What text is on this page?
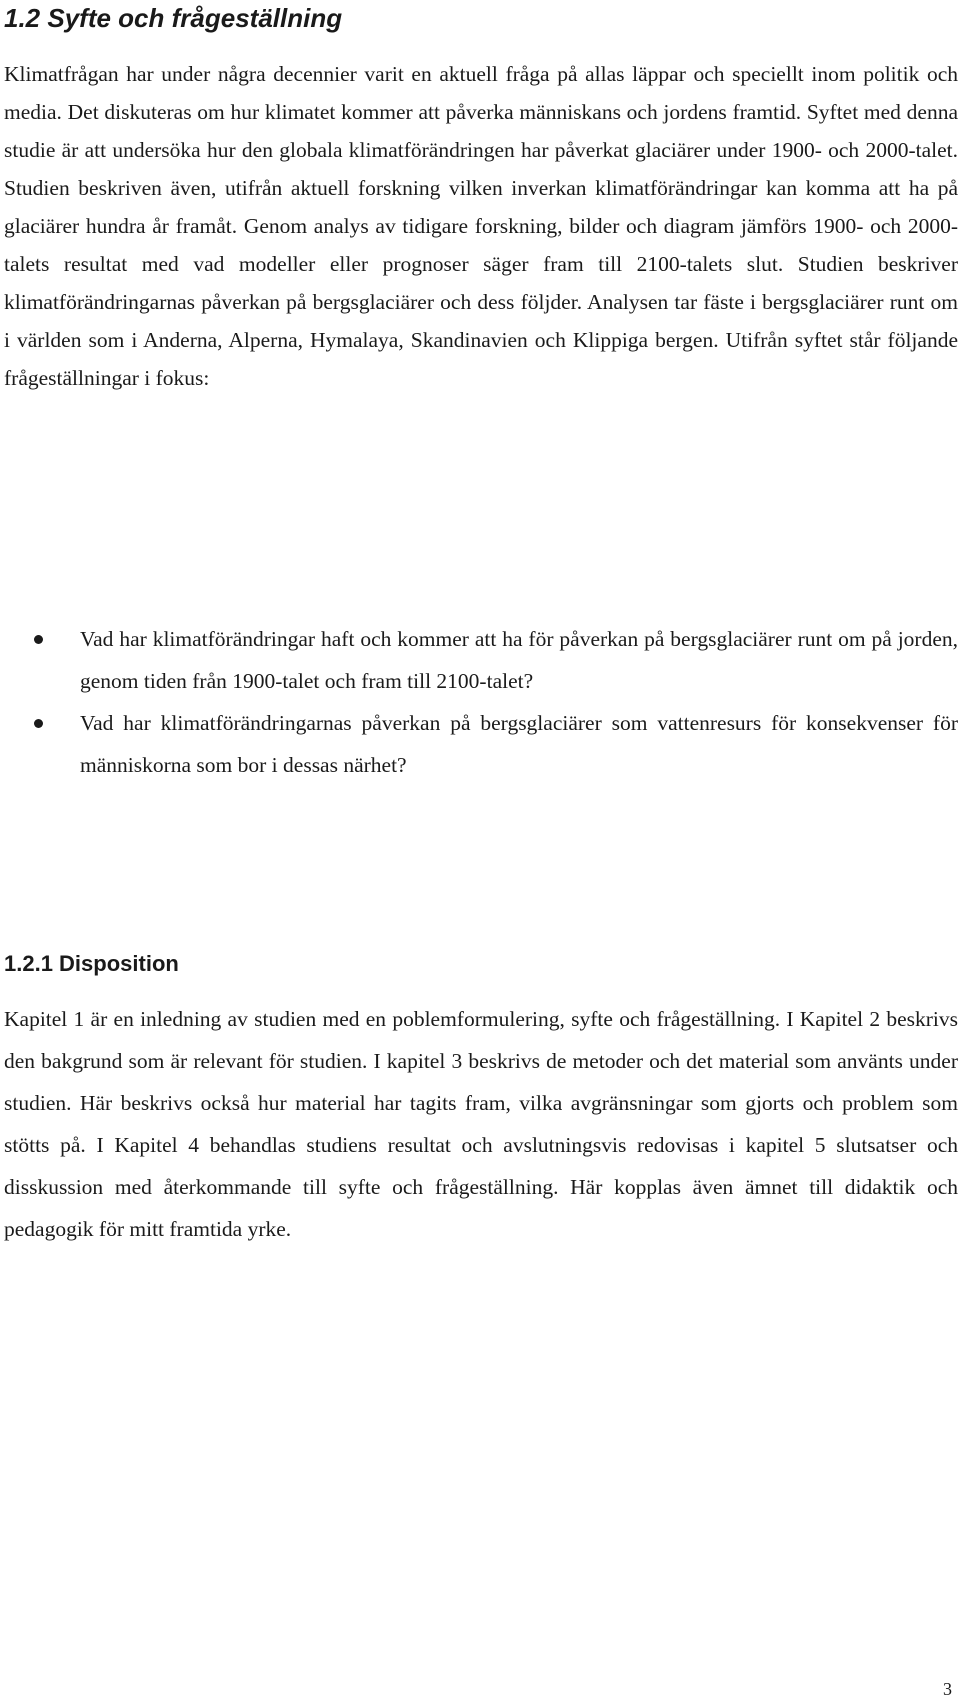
1.2 Syfte och frågeställning

Klimatfrågan har under några decennier varit en aktuell fråga på allas läppar och speciellt inom politik och media. Det diskuteras om hur klimatet kommer att påverka människans och jordens framtid. Syftet med denna studie är att undersöka hur den globala klimatförändringen har påverkat glaciärer under 1900- och 2000-talet. Studien beskriven även, utifrån aktuell forskning vilken inverkan klimatförändringar kan komma att ha på glaciärer hundra år framåt. Genom analys av tidigare forskning, bilder och diagram jämförs 1900- och 2000-talets resultat med vad modeller eller prognoser säger fram till 2100-talets slut. Studien beskriver klimatförändringarnas påverkan på bergsglaciärer och dess följder. Analysen tar fäste i bergsglaciärer runt om i världen som i Anderna, Alperna, Hymalaya, Skandinavien och Klippiga bergen. Utifrån syftet står följande frågeställningar i fokus:

Vad har klimatförändringar haft och kommer att ha för påverkan på bergsglaciärer runt om på jorden, genom tiden från 1900-talet och fram till 2100-talet?
Vad har klimatförändringarnas påverkan på bergsglaciärer som vattenresurs för konsekvenser för människorna som bor i dessas närhet?
1.2.1 Disposition

Kapitel 1 är en inledning av studien med en poblemformulering, syfte och frågeställning. I Kapitel 2 beskrivs den bakgrund som är relevant för studien. I kapitel 3 beskrivs de metoder och det material som använts under studien. Här beskrivs också hur material har tagits fram, vilka avgränsningar som gjorts och problem som stötts på. I Kapitel 4 behandlas studiens resultat och avslutningsvis redovisas i kapitel 5 slutsatser och disskussion med återkommande till syfte och frågeställning. Här kopplas även ämnet till didaktik och pedagogik för mitt framtida yrke.

3
